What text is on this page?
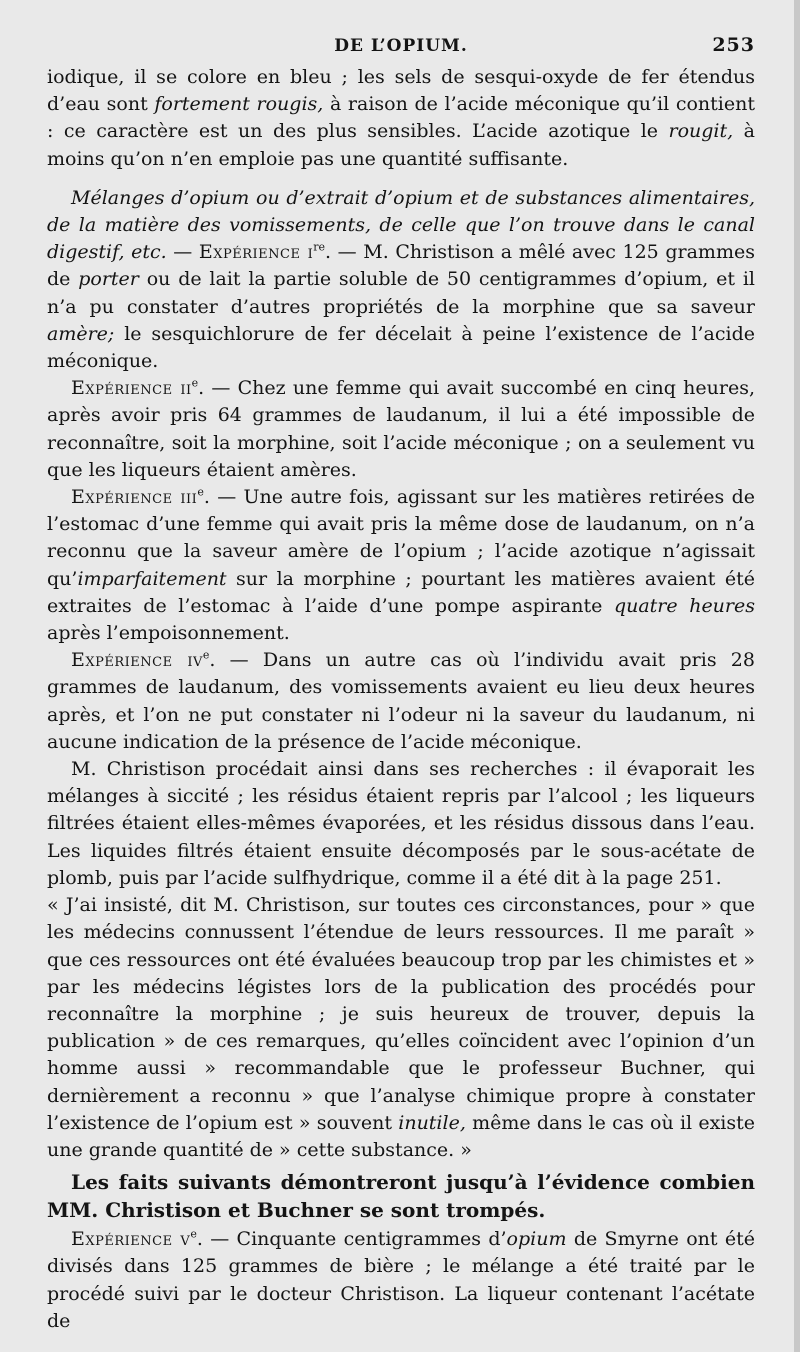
DE L’OPIUM.	253

iodique, il se colore en bleu ; les sels de sesqui-oxyde de fer étendus d’eau sont fortement rougis, à raison de l’acide méconique qu’il contient : ce caractère est un des plus sensibles. L’acide azotique le rougit, à moins qu’on n’en emploie pas une quantité suffisante.

Mélanges d’opium ou d’extrait d’opium et de substances alimentaires, de la matière des vomissements, de celle que l’on trouve dans le canal digestif, etc. — Expérience $i^{re}$. — M. Christison a mêlé avec 125 grammes de porter ou de lait la partie soluble de 50 centigrammes d’opium, et il n’a pu constater d’autres propriétés de la morphine que sa saveur amère; le sesquichlorure de fer décelait à peine l’existence de l’acide méconique.

Expérience $ii^e$. — Chez une femme qui avait succombé en cinq heures, après avoir pris 64 grammes de laudanum, il lui a été impossible de reconnaître, soit la morphine, soit l’acide méconique ; on a seulement vu que les liqueurs étaient amères.

Expérience iii$^e$. — Une autre fois, agissant sur les matières retirées de l’estomac d’une femme qui avait pris la même dose de laudanum, on n’a reconnu que la saveur amère de l’opium ; l’acide azotique n’agissait qu’imparfaitement sur la morphine ; pourtant les matières avaient été extraites de l’estomac à l’aide d’une pompe aspirante quatre heures après l’empoisonnement.

Expérience $iv^e$. — Dans un autre cas où l’individu avait pris 28 grammes de laudanum, des vomissements avaient eu lieu deux heures après, et l’on ne put constater ni l’odeur ni la saveur du laudanum, ni aucune indication de la présence de l’acide méconique.

M. Christison procédait ainsi dans ses recherches : il évaporait les mélanges à siccité ; les résidus étaient repris par l’alcool ; les liqueurs filtrées étaient elles-mêmes évaporées, et les résidus dissous dans l’eau. Les liquides filtrés étaient ensuite décomposés par le sous-acétate de plomb, puis par l’acide sulfhydrique, comme il a été dit à la page 251.

« J’ai insisté, dit M. Christison, sur toutes ces circonstances, pour » que les médecins connussent l’étendue de leurs ressources. Il me paraît » que ces ressources ont été évaluées beaucoup trop par les chimistes et » par les médecins légistes lors de la publication des procédés pour reconnaître la morphine ; je suis heureux de trouver, depuis la publication » de ces remarques, qu’elles coïncident avec l’opinion d’un homme aussi » recommandable que le professeur Buchner, qui dernièrement a reconnu » que l’analyse chimique propre à constater l’existence de l’opium est » souvent inutile, même dans le cas où il existe une grande quantité de » cette substance. »

Les faits suivants démontreront jusqu’à l’évidence combien MM. Christison et Buchner se sont trompés.

Expérience $v^e$. — Cinquante centigrammes d’opium de Smyrne ont été divisés dans 125 grammes de bière ; le mélange a été traité par le procédé suivi par le docteur Christison. La liqueur contenant l’acétate de
